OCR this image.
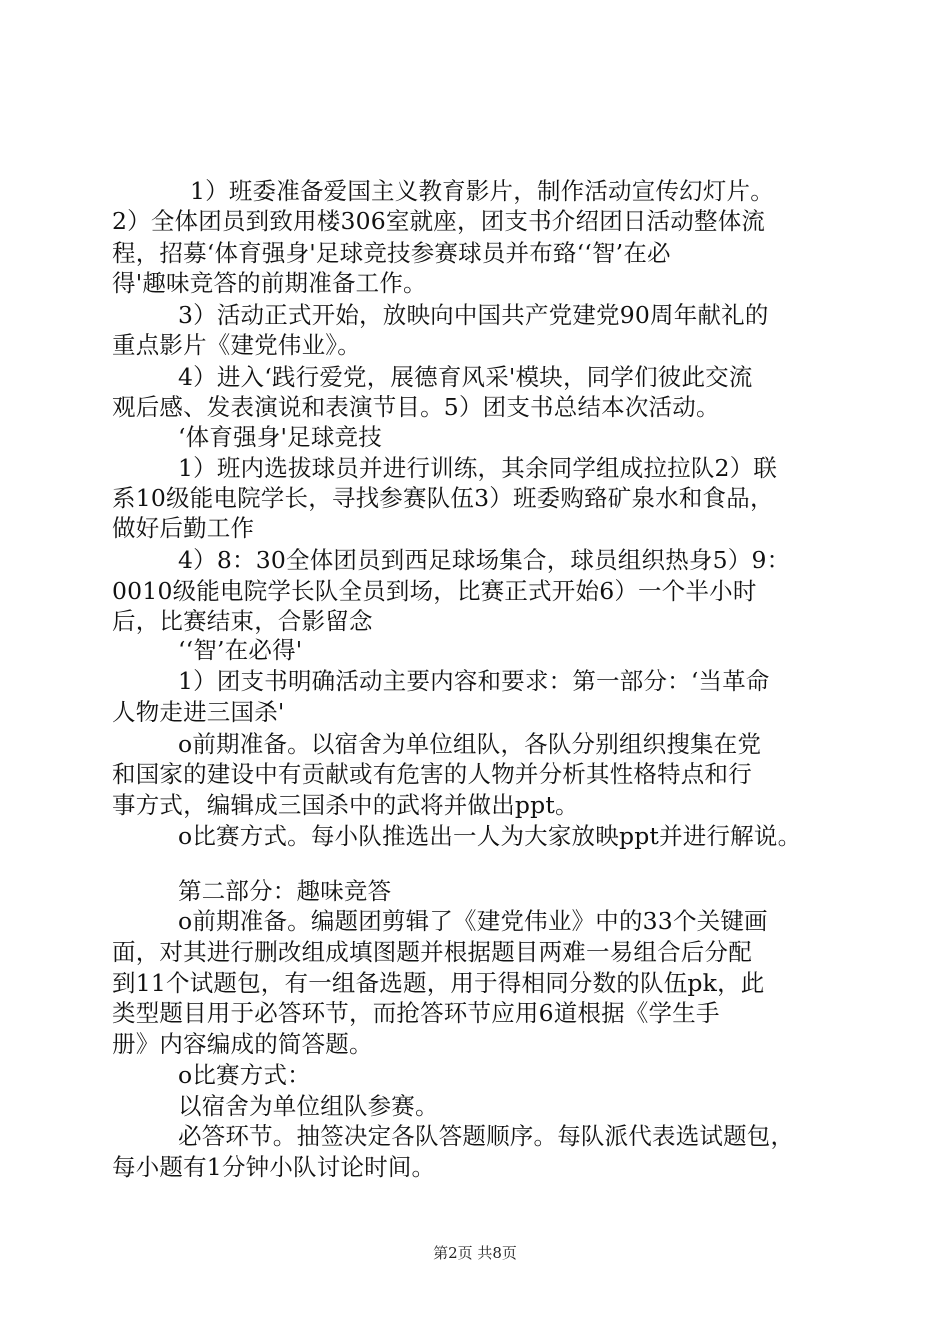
1）班委准备爱国主义教育影片，制作活动宣传幻灯片。
2）全体团员到致用楼306室就座，团支书介绍团日活动整体流
程，招募‘体育强身'足球竞技参赛球员并布臵‘‘智’在必
得'趣味竞答的前期准备工作。
3）活动正式开始，放映向中国共产党建党90周年献礼的
重点影片《建党伟业》。
4）进入‘践行爱党，展德育风采'模块，同学们彼此交流
观后感、发表演说和表演节目。5）团支书总结本次活动。
‘体育强身'足球竞技
1）班内选拔球员并进行训练，其余同学组成拉拉队2）联
系10级能电院学长，寻找参赛队伍3）班委购臵矿泉水和食品，
做好后勤工作
4）8：30全体团员到西足球场集合，球员组织热身5）9：
0010级能电院学长队全员到场，比赛正式开始6）一个半小时
后，比赛结束，合影留念
‘‘智’在必得'
1）团支书明确活动主要内容和要求：第一部分：‘当革命
人物走进三国杀'
o前期准备。以宿舍为单位组队，各队分别组织搜集在党
和国家的建设中有贡献或有危害的人物并分析其性格特点和行
事方式，编辑成三国杀中的武将并做出ppt。
o比赛方式。每小队推选出一人为大家放映ppt并进行解说。
第二部分：趣味竞答
o前期准备。编题团剪辑了《建党伟业》中的33个关键画
面，对其进行删改组成填图题并根据题目两难一易组合后分配
到11个试题包，有一组备选题，用于得相同分数的队伍pk，此
类型题目用于必答环节，而抢答环节应用6道根据《学生手
册》内容编成的简答题。
o比赛方式：
以宿舍为单位组队参赛。
必答环节。抽签决定各队答题顺序。每队派代表选试题包，
每小题有1分钟小队讨论时间。
第2页 共8页
